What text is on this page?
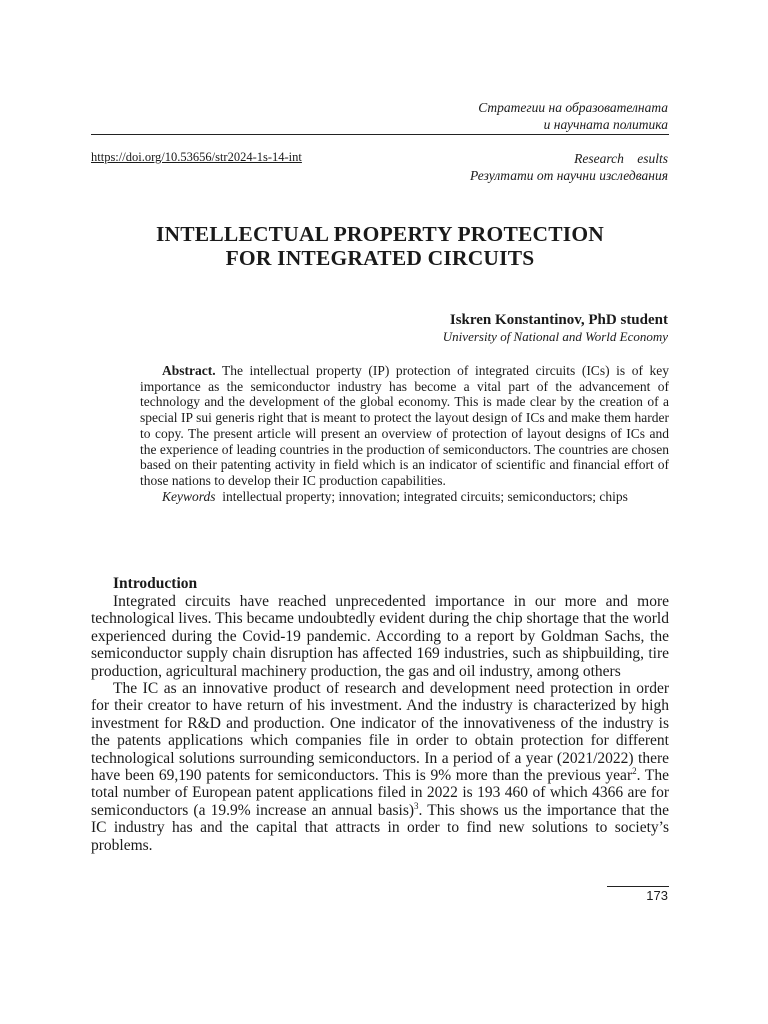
Стратегии на образователната
и научната политика
https://doi.org/10.53656/str2024-1s-14-int	Research esults
Резултати от научни изследвания
INTELLECTUAL PROPERTY PROTECTION
FOR INTEGRATED CIRCUITS
Iskren Konstantinov, PhD student
University of National and World Economy

Abstract. The intellectual property (IP) protection of integrated circuits (ICs) is of key importance as the semiconductor industry has become a vital part of the advancement of technology and the development of the global economy. This is made clear by the creation of a special IP sui generis right that is meant to protect the layout design of ICs and make them harder to copy. The present article will present an overview of protection of layout designs of ICs and the experience of leading countries in the production of semiconductors. The countries are chosen based on their patenting activity in field which is an indicator of scientific and financial effort of those nations to develop their IC production capabilities.

Keywords intellectual property; innovation; integrated circuits; semiconductors; chips

Introduction

Integrated circuits have reached unprecedented importance in our more and more technological lives. This became undoubtedly evident during the chip shortage that the world experienced during the Covid-19 pandemic. According to a report by Goldman Sachs, the semiconductor supply chain disruption has affected 169 industries, such as shipbuilding, tire production, agricultural machinery production, the gas and oil industry, among others

The IC as an innovative product of research and development need protection in order for their creator to have return of his investment. And the industry is characterized by high investment for R&D and production. One indicator of the innovativeness of the industry is the patents applications which companies file in order to obtain protection for different technological solutions surrounding semiconductors. In a period of a year (2021/2022) there have been 69,190 patents for semiconductors. This is 9% more than the previous year$^2$. The total number of European patent applications filed in 2022 is 193 460 of which 4366 are for semiconductors (a 19.9% increase an annual basis)$^3$. This shows us the importance that the IC industry has and the capital that attracts in order to find new solutions to society’s problems.

173
